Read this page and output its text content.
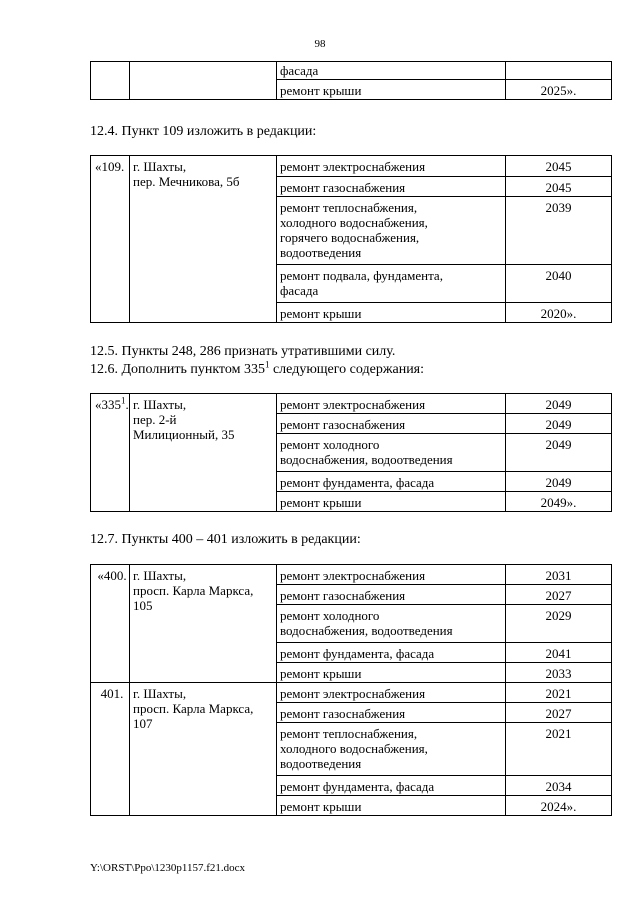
98
		фасада	
		ремонт крыши	2025».
12.4. Пункт 109 изложить в редакции:
«109.	г. Шахты,
пер. Мечникова, 5б	ремонт электроснабжения	2045
		ремонт газоснабжения	2045
		ремонт теплоснабжения,
холодного водоснабжения,
горячего водоснабжения,
водоотведения	2039
		ремонт подвала, фундамента,
фасада	2040
		ремонт крыши	2020».
12.5. Пункты 248, 286 признать утратившими силу.
12.6. Дополнить пунктом $335^1$ следующего содержания:
«$335^1$.	г. Шахты,
пер. 2-й
Милиционный, 35	ремонт электроснабжения	2049
		ремонт газоснабжения	2049
		ремонт холодного
водоснабжения, водоотведения	2049
		ремонт фундамента, фасада	2049
		ремонт крыши	2049».
12.7. Пункты 400 – 401 изложить в редакции:
«400.	г. Шахты,
просп. Карла Маркса,
105	ремонт электроснабжения	2031
		ремонт газоснабжения	2027
		ремонт холодного
водоснабжения, водоотведения	2029
		ремонт фундамента, фасада	2041
		ремонт крыши	2033
401.	г. Шахты,
просп. Карла Маркса,
107	ремонт электроснабжения	2021
		ремонт газоснабжения	2027
		ремонт теплоснабжения,
холодного водоснабжения,
водоотведения	2021
		ремонт фундамента, фасада	2034
		ремонт крыши	2024».
Y:\ORST\Ppo\1230p1157.f21.docx
